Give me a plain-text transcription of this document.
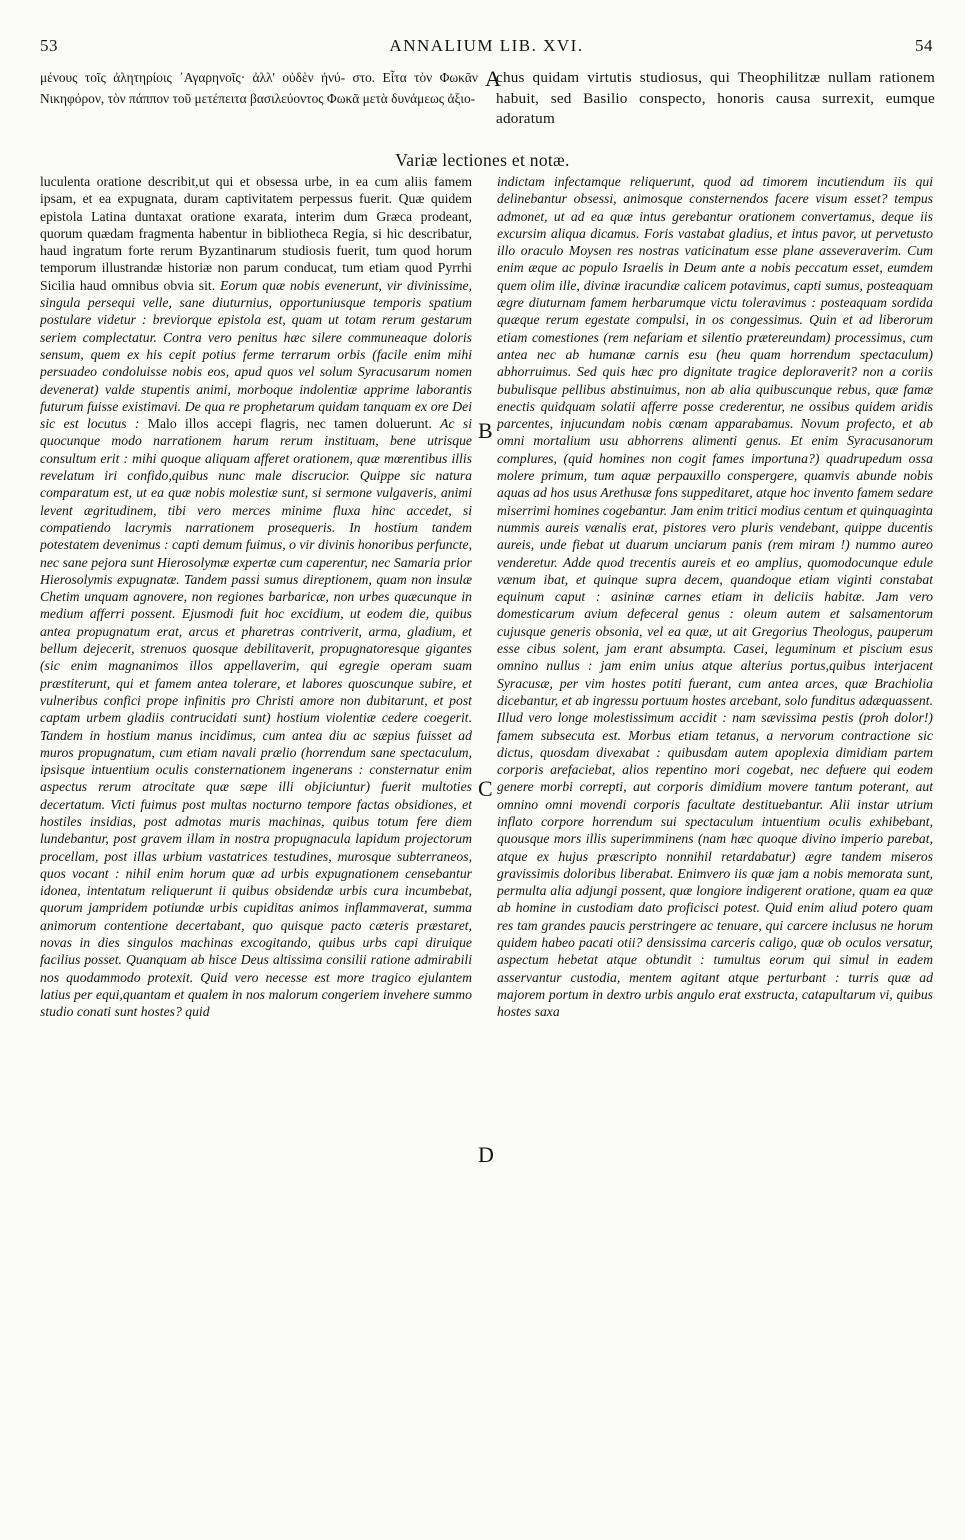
53	ANNALIUM LIB. XVI.	54
μένους τοῖς ἀλητηρίοις ᾿Αγαρηνοῖς· ἀλλ' οὐδὲν ἠνύ- στο. Εἶτα τὸν Φωκᾶν Νικηφόρον, τὸν πάππον τοῦ μετέπειτα βασιλεύοντος Φωκᾶ μετὰ δυνάμεως ἀξιο-
A
chus quidam virtutis studiosus, qui Theophilitzæ nullam rationem habuit, sed Basilio conspecto, honoris causa surrexit, eumque adoratum
Variæ lectiones et notæ.

luculenta oratione describit,ut qui et obsessa urbe, in ea cum aliis famem ipsam, et ea expugnata, duram captivitatem perpessus fuerit. Quæ quidem epistola Latina duntaxat oratione exarata, interim dum Græca prodeant, quorum quædam fragmenta habentur in bibliotheca Regia, si hic describatur, haud ingratum forte rerum Byzantinarum studiosis fuerit, tum quod horum temporum illustrandæ historiæ non parum conducat, tum etiam quod Pyrrhi Siciliа haud omnibus obvia sit. Eorum quæ nobis evenerunt, vir divinissime, singula persequi velle, sane diuturnius, opportuniusque temporis spatium postulare videtur : breviorque epistola est, quam ut totam rerum gestarum seriem complectatur. Contra vero penitus hæc silere communeaque doloris sensum, quem ex his cepit potius ferme terrarum orbis (facile enim mihi persuadeo condoluisse nobis eos, apud quos vel solum Syracusarum nomen devenerat) valde stupentis animi, morboque indolentiæ apprime laborantis futurum fuisse existimavi. De qua re prophetarum quidam tanquam ex ore Dei sic est locutus : Malo illos accepi flagris, nec tamen doluerunt. Ac si quocunque modo narrationem harum rerum instituam, bene utrisque consultum erit : mihi quoque aliquam afferet orationem, quæ mœrentibus illis revelatum iri confido,quibus nunc male discrucior. Quippe sic natura comparatum est, ut ea quæ nobis molestiæ sunt, si sermone vulgaveris, animi levent ægritudinem, tibi vero merces minime fluxa hinc accedet, si compatiendo lacrymis narrationem prosequeris. In hostium tandem potestatem devenimus : capti demum fuimus, o vir divinis honoribus perfuncte, nec sane pejora sunt Hierosolymæ expertæ cum caperentur, nec Samaria prior Hierosolymis expugnatæ. Tandem passi sumus direptionem, quam non insulæ Chetim unquam agnovere, non regiones barbaricæ, non urbes quæcunque in medium afferri possent. Ejusmodi fuit hoc excidium, ut eodem die, quibus antea propugnatum erat, arcus et pharetras contriverit, arma, gladium, et bellum dejecerit, strenuos quosque debilitaverit, propugnatoresque gigantes (sic enim magnanimos illos appellaverim, qui egregie operam suam præstiterunt, qui et famem antea tolerare, et labores quoscunque subire, et vulneribus confici prope infinitis pro Christi amore non dubitarunt, et post captam urbem gladiis contrucidati sunt) hostium violentiæ cedere coegerit. Tandem in hostium manus incidimus, cum antea diu ac sæpius fuisset ad muros propugnatum, cum etiam navali prælio (horrendum sane spectaculum, ipsisque intuentium oculis consternationem ingenerans : consternatur enim aspectus rerum atrocitate quæ sæpe illi objiciuntur) fuerit multoties decertatum. Victi fuimus post multas nocturno tempore factas obsidiones, et hostiles insidias, post admotas muris machinas, quibus totum fere diem lundebantur, post gravem illam in nostra propugnacula lapidum projectorum procellam, post illas urbium vastatrices testudines, murosque subterraneos, quos vocant : nihil enim horum quæ ad urbis expugnationem censebantur idonea, intentatum reliquerunt ii quibus obsidendæ urbis cura incumbebat, quorum jampridem potiundæ urbis cupiditas animos inflammaverat, summa animorum contentione decertabant, quo quisque pacto cæteris præstaret, novas in dies singulos machinas excogitando, quibus urbs capi diruique facilius posset. Quanquam ab hisce Deus altissima consilii ratione admirabili nos quodammodo protexit. Quid vero necesse est more tragico ejulantem latius per equi,quantam et qualem in nos malorum congeriem invehere summo studio conati sunt hostes? quid

B
C
D

indictam infectamque reliquerunt, quod ad timorem incutiendum iis qui delinebantur obsessi, animosque consternendos facere visum esset? tempus admonet, ut ad ea quæ intus gerebantur orationem convertamus, deque iis excursim aliqua dicamus. Foris vastabat gladius, et intus pavor, ut pervetusto illo oraculo Moysen res nostras vaticinatum esse plane asseveraverim. Cum enim æque ac populo Israelis in Deum ante a nobis peccatum esset, eumdem quem olim ille, divinæ iracundiæ calicem potavimus, capti sumus, posteaquam ægre diuturnam famem herbarumque victu toleravimus : posteaquam sordida quæque rerum egestate compulsi, in os congessimus. Quin et ad liberorum etiam comestiones (rem nefariam et silentio prætereundam) processimus, cum antea nec ab humanæ carnis esu (heu quam horrendum spectaculum) abhorruimus. Sed quis hæc pro dignitate tragice deploraverit? non a coriis bubulisque pellibus abstinuimus, non ab alia quibuscunque rebus, quæ famæ enectis quidquam solatii afferre posse crederentur, ne ossibus quidem aridis parcentes, injucundam nobis cœnam apparabamus. Novum profecto, et ab omni mortalium usu abhorrens alimenti genus. Et enim Syracusanorum complures, (quid homines non cogit fames importuna?) quadrupedum ossa molere primum, tum aquæ perpauxillo conspergere, quamvis abunde nobis aquas ad hos usus Arethusæ fons suppeditaret, atque hoc invento famem sedare miserrimi homines cogebantur. Jam enim tritici modius centum et quinquaginta nummis aureis vænalis erat, pistores vero pluris vendebant, quippe ducentis aureis, unde fiebat ut duarum unciarum panis (rem miram !) nummo aureo venderetur. Adde quod trecentis aureis et eo amplius, quomodocunque edule vænum ibat, et quinque supra decem, quandoque etiam viginti constabat equinum caput : asininæ carnes etiam in deliciis habitæ. Jam vero domesticarum avium defeceral genus : oleum autem et salsamentorum cujusque generis obsonia, vel ea quæ, ut ait Gregorius Theologus, pauperum esse cibus solent, jam erant absumpta. Casei, leguminum et piscium esus omnino nullus : jam enim unius atque alterius portus,quibus interjacent Syracusæ, per vim hostes potiti fuerant, cum antea arces, quæ Brachiolia dicebantur, et ab ingressu portuum hostes arcebant, solo funditus adæquassent. Illud vero longe molestissimum accidit : nam sævissima pestis (proh dolor!) famem subsecuta est. Morbus etiam tetanus, a nervorum contractione sic dictus, quosdam divexabat : quibusdam autem apoplexia dimidiam partem corporis arefaciebat, alios repentino mori cogebat, nec defuere qui eodem genere morbi correpti, aut corporis dimidium movere tantum poterant, aut omnino omni movendi corporis facultate destituebantur. Alii instar utrium inflato corpore horrendum sui spectaculum intuentium oculis exhibebant, quousque mors illis superimminens (nam hæc quoque divino imperio parebat, atque ex hujus præscripto nonnihil retardabatur) ægre tandem miseros gravissimis doloribus liberabat. Enimvero iis quæ jam a nobis memorata sunt, permulta alia adjungi possent, quæ longiore indigerent oratione, quam ea quæ ab homine in custodiam dato proficisci potest. Quid enim aliud potero quam res tam grandes paucis perstringere ac tenuare, qui carcere inclusus ne horum quidem habeo pacati otii? densissima carceris caligo, quæ ob oculos versatur, aspectum hebetat atque obtundit : tumultus eorum qui simul in eadem asservantur custodia, mentem agitant atque perturbant : turris quæ ad majorem portum in dextro urbis angulo erat exstructa, catapultarum vi, quibus hostes saxa
